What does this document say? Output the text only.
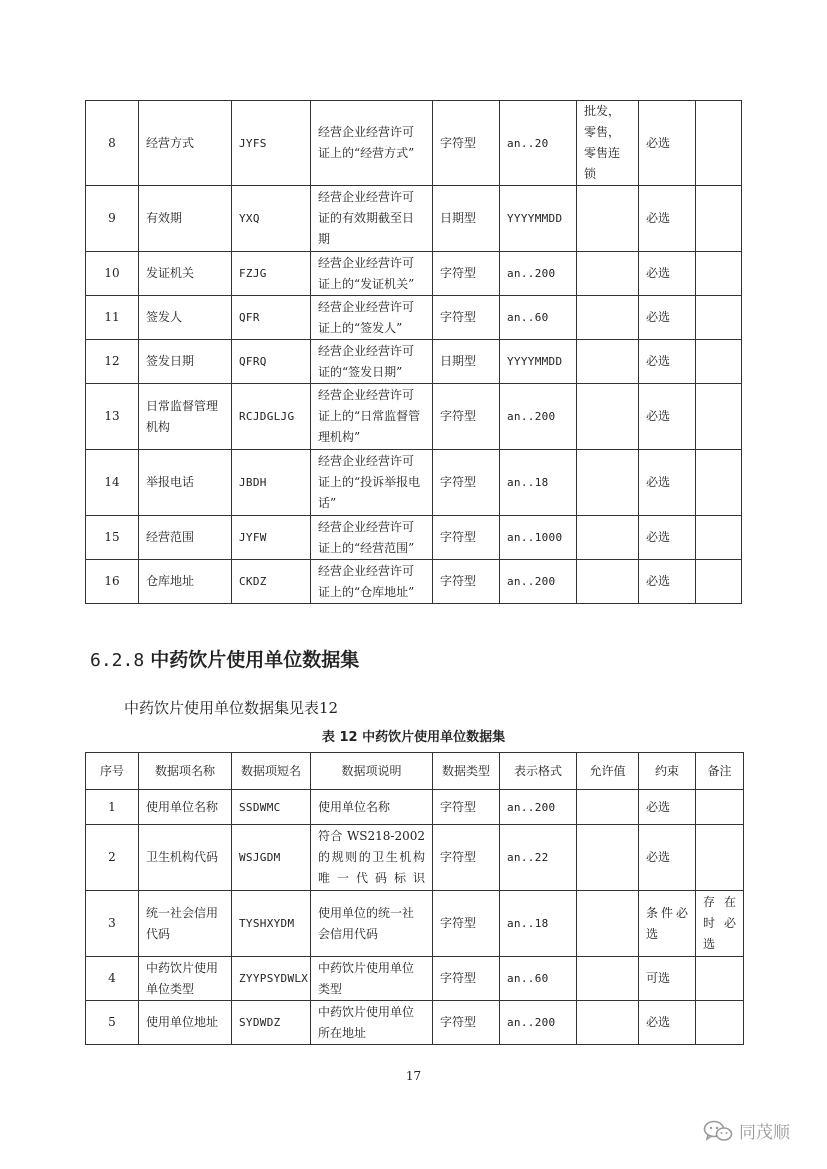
8	经营方式	JYFS	经营企业经营许可证上的“经营方式”	字符型	an..20	批发，零售，零售连锁	必选	
9	有效期	YXQ	经营企业经营许可证的有效期截至日期	日期型	YYYYMMDD		必选	
10	发证机关	FZJG	经营企业经营许可证上的“发证机关”	字符型	an..200		必选	
11	签发人	QFR	经营企业经营许可证上的“签发人”	字符型	an..60		必选	
12	签发日期	QFRQ	经营企业经营许可证的“签发日期”	日期型	YYYYMMDD		必选	
13	日常监督管理机构	RCJDGLJG	经营企业经营许可证上的“日常监督管理机构”	字符型	an..200		必选	
14	举报电话	JBDH	经营企业经营许可证上的“投诉举报电话”	字符型	an..18		必选	
15	经营范围	JYFW	经营企业经营许可证上的“经营范围”	字符型	an..1000		必选	
16	仓库地址	CKDZ	经营企业经营许可证上的“仓库地址”	字符型	an..200		必选	
6.2.8 中药饮片使用单位数据集
中药饮片使用单位数据集见表12
表 12 中药饮片使用单位数据集
序号	数据项名称	数据项短名	数据项说明	数据类型	表示格式	允许值	约束	备注
1	使用单位名称	SSDWMC	使用单位名称	字符型	an..200		必选	
2	卫生机构代码	WSJGDM	符合 WS218-2002 的规则的卫生机构唯一代码标识	字符型	an..22		必选	
3	统一社会信用代码	TYSHXYDM	使用单位的统一社会信用代码	字符型	an..18		条件必选	存在时必选
4	中药饮片使用单位类型	ZYYPSYDWLX	中药饮片使用单位类型	字符型	an..60		可选	
5	使用单位地址	SYDWDZ	中药饮片使用单位所在地址	字符型	an..200		必选	
17
同茂顺
